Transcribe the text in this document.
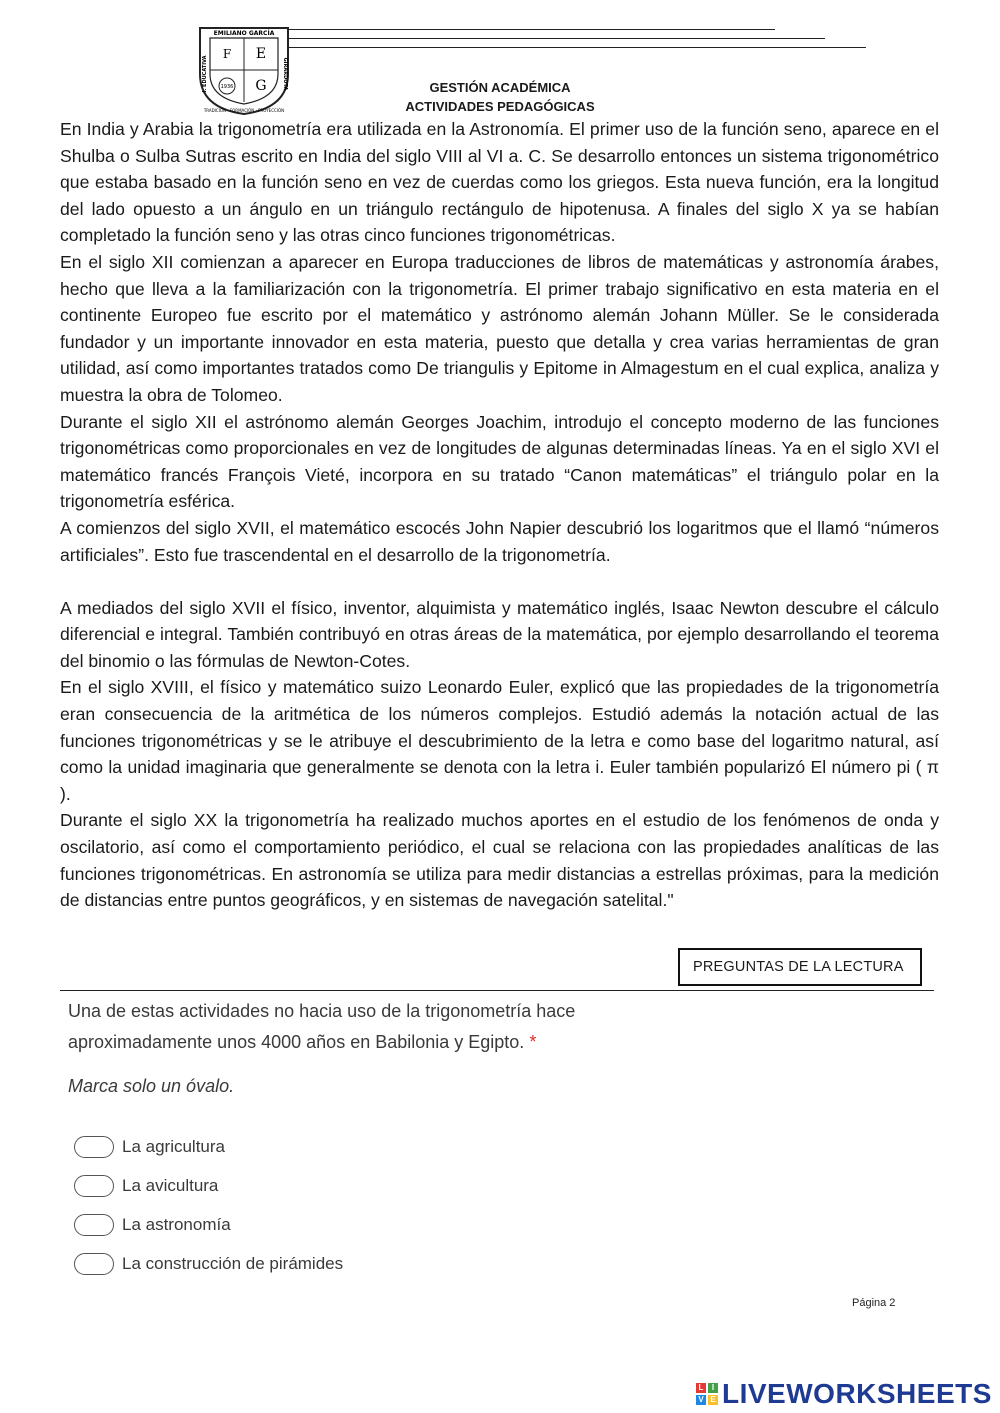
EMILIANO GARCÍA
I. EDUCATIVA	GIRARDOTA
TRADICIÓN · FORMACIÓN · PROYECCIÓN
E
F
G
1936	GESTIÓN ACADÉMICA
ACTIVIDADES PEDAGÓGICAS

En India y Arabia la trigonometría era utilizada en la Astronomía. El primer uso de la función seno, aparece en el Shulba o Sulba Sutras escrito en India del siglo VIII al VI a. C. Se desarrollo entonces un sistema trigonométrico que estaba basado en la función seno en vez de cuerdas como los griegos. Esta nueva función, era la longitud del lado opuesto a un ángulo en un triángulo rectángulo de hipotenusa. A finales del siglo X ya se habían completado la función seno y las otras cinco funciones trigonométricas.

En el siglo XII comienzan a aparecer en Europa traducciones de libros de matemáticas y astronomía árabes, hecho que lleva a la familiarización con la trigonometría. El primer trabajo significativo en esta materia en el continente Europeo fue escrito por el matemático y astrónomo alemán Johann Müller. Se le considerada fundador y un importante innovador en esta materia, puesto que detalla y crea varias herramientas de gran utilidad, así como importantes tratados como De triangulis y Epitome in Almagestum en el cual explica, analiza y muestra la obra de Tolomeo.

Durante el siglo XII el astrónomo alemán Georges Joachim, introdujo el concepto moderno de las funciones trigonométricas como proporcionales en vez de longitudes de algunas determinadas líneas. Ya en el siglo XVI el matemático francés François Vieté, incorpora en su tratado “Canon matemáticas” el triángulo polar en la trigonometría esférica.

A comienzos del siglo XVII, el matemático escocés John Napier descubrió los logaritmos que el llamó “números artificiales”. Esto fue trascendental en el desarrollo de la trigonometría.

A mediados del siglo XVII el físico, inventor, alquimista y matemático inglés, Isaac Newton descubre el cálculo diferencial e integral. También contribuyó en otras áreas de la matemática, por ejemplo desarrollando el teorema del binomio o las fórmulas de Newton-Cotes.

En el siglo XVIII, el físico y matemático suizo Leonardo Euler, explicó que las propiedades de la trigonometría eran consecuencia de la aritmética de los números complejos. Estudió además la notación actual de las funciones trigonométricas y se le atribuye el descubrimiento de la letra e como base del logaritmo natural, así como la unidad imaginaria que generalmente se denota con la letra i. Euler también popularizó El número pi ( π ).

Durante el siglo XX la trigonometría ha realizado muchos aportes en el estudio de los fenómenos de onda y oscilatorio, así como el comportamiento periódico, el cual se relaciona con las propiedades analíticas de las funciones trigonométricas. En astronomía se utiliza para medir distancias a estrellas próximas, para la medición de distancias entre puntos geográficos, y en sistemas de navegación satelital."

PREGUNTAS DE LA LECTURA
Una de estas actividades no hacia uso de la trigonometría hace aproximadamente unos 4000 años en Babilonia y Egipto. *
Marca solo un óvalo.
La agricultura
La avicultura
La astronomía
La construcción de pirámides
Página 2
L	I
V E LIVEWORKSHEETS
